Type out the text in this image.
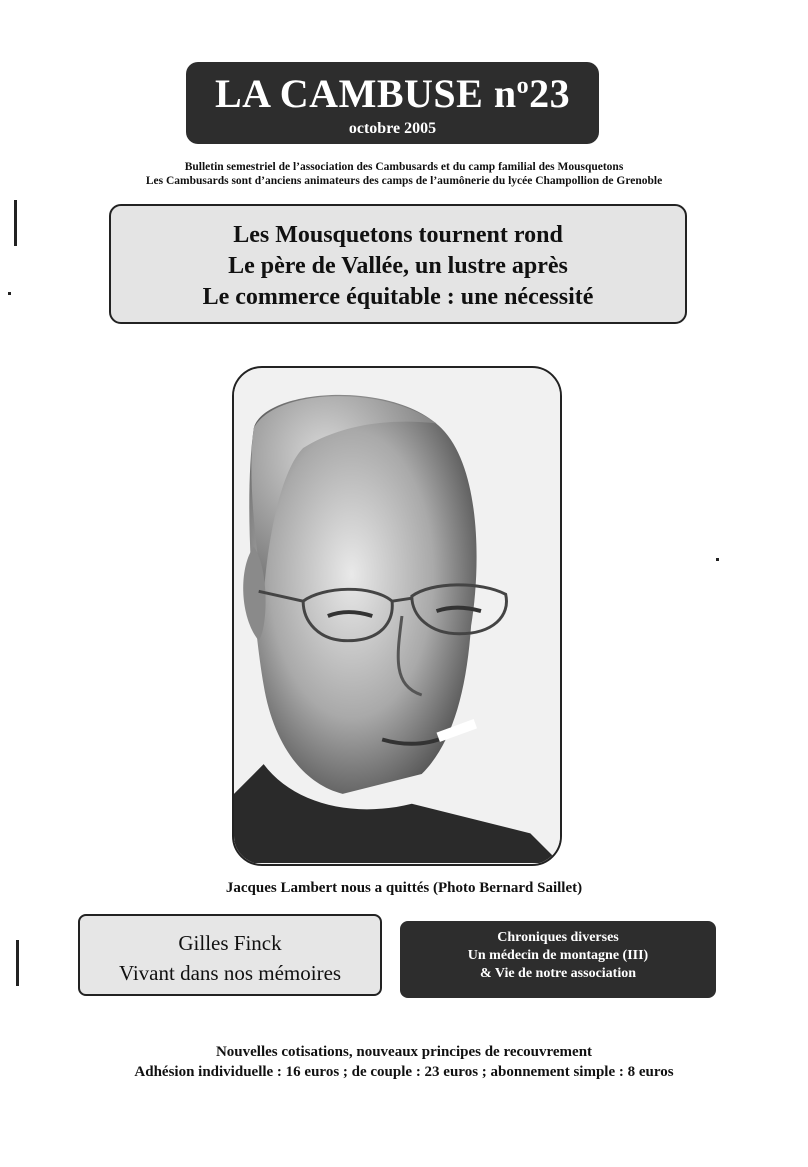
LA CAMBUSE $n^o23$
octobre 2005
Bulletin semestriel de l’association des Cambusards et du camp familial des Mousquetons
Les Cambusards sont d’anciens animateurs des camps de l’aumônerie du lycée Champollion de Grenoble
Les Mousquetons tournent rond
Le père de Vallée, un lustre après
Le commerce équitable : une nécessité
Jacques Lambert nous a quittés (Photo Bernard Saillet)
Gilles Finck
Vivant dans nos mémoires
Chroniques diverses
Un médecin de montagne (III)
& Vie de notre association
Nouvelles cotisations, nouveaux principes de recouvrement
Adhésion individuelle : 16 euros ; de couple : 23 euros ; abonnement simple : 8 euros
